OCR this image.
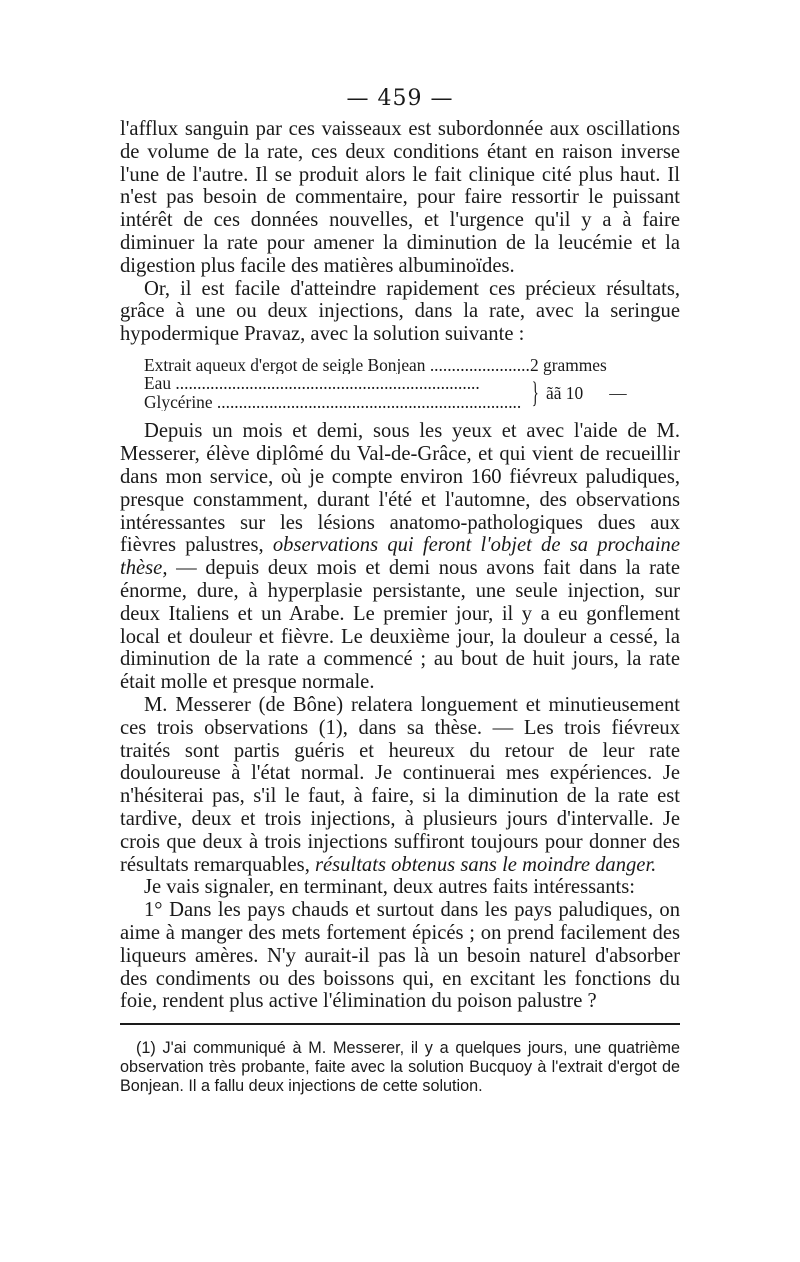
— 459 —

l'afflux sanguin par ces vaisseaux est subordonnée aux oscillations de volume de la rate, ces deux conditions étant en raison inverse l'une de l'autre. Il se produit alors le fait clinique cité plus haut. Il n'est pas besoin de commentaire, pour faire ressortir le puissant intérêt de ces données nouvelles, et l'urgence qu'il y a à faire diminuer la rate pour amener la diminution de la leucémie et la digestion plus facile des matières albuminoïdes.

Or, il est facile d'atteindre rapidement ces précieux résultats, grâce à une ou deux injections, dans la rate, avec la seringue hypodermique Pravaz, avec la solution suivante :

Extrait aqueux d'ergot de seigle Bonjean .....	2 grammes
Eau .....
Glycérine .....	} ãã 10 —

Depuis un mois et demi, sous les yeux et avec l'aide de M. Messerer, élève diplômé du Val-de-Grâce, et qui vient de recueillir dans mon service, où je compte environ 160 fiévreux paludiques, presque constamment, durant l'été et l'automne, des observations intéressantes sur les lésions anatomo-pathologiques dues aux fièvres palustres, observations qui feront l'objet de sa prochaine thèse, — depuis deux mois et demi nous avons fait dans la rate énorme, dure, à hyperplasie persistante, une seule injection, sur deux Italiens et un Arabe. Le premier jour, il y a eu gonflement local et douleur et fièvre. Le deuxième jour, la douleur a cessé, la diminution de la rate a commencé ; au bout de huit jours, la rate était molle et presque normale.

M. Messerer (de Bône) relatera longuement et minutieusement ces trois observations (1), dans sa thèse. — Les trois fiévreux traités sont partis guéris et heureux du retour de leur rate douloureuse à l'état normal. Je continuerai mes expériences. Je n'hésiterai pas, s'il le faut, à faire, si la diminution de la rate est tardive, deux et trois injections, à plusieurs jours d'intervalle. Je crois que deux à trois injections suffiront toujours pour donner des résultats remarquables, résultats obtenus sans le moindre danger.

Je vais signaler, en terminant, deux autres faits intéressants:

1° Dans les pays chauds et surtout dans les pays paludiques, on aime à manger des mets fortement épicés ; on prend facilement des liqueurs amères. N'y aurait-il pas là un besoin naturel d'absorber des condiments ou des boissons qui, en excitant les fonctions du foie, rendent plus active l'élimination du poison palustre ?

(1) J'ai communiqué à M. Messerer, il y a quelques jours, une quatrième observation très probante, faite avec la solution Bucquoy à l'extrait d'ergot de Bonjean. Il a fallu deux injections de cette solution.
